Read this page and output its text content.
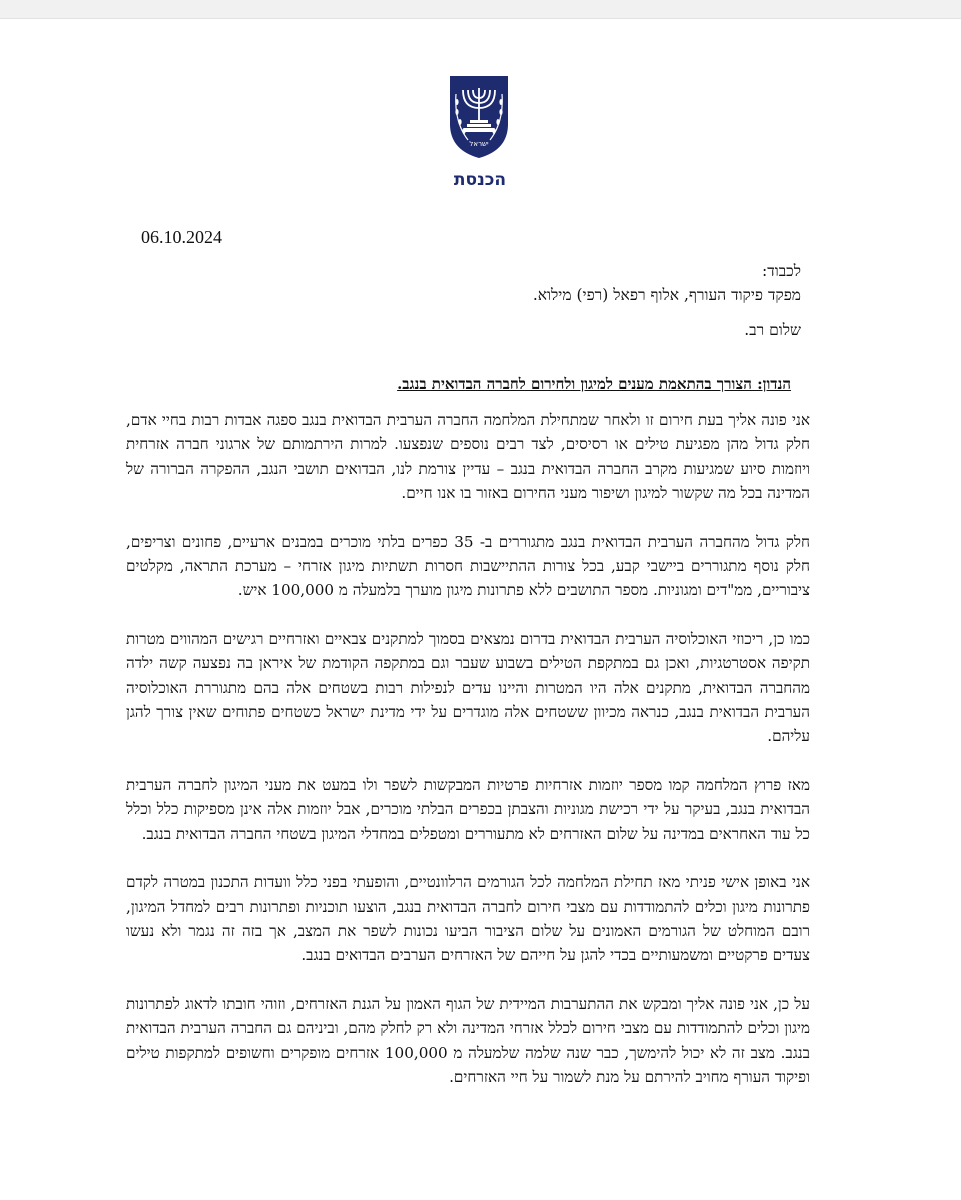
ישראל
הכנסת
06.10.2024
לכבוד:
מפקד פיקוד העורף, אלוף רפאל (רפי) מילוא.
שלום רב.
הנדון: הצורך בהתאמת מענים למיגון ולחירום לחברה הבדואית בנגב.

אני פונה אליך בעת חירום זו ולאחר שמתחילת המלחמה החברה הערבית הבדואית בנגב ספגה אבדות רבות בחיי אדם, חלק גדול מהן מפגיעת טילים או רסיסים, לצד רבים נוספים שנפצעו. למרות הירתמותם של ארגוני חברה אזרחית ויוזמות סיוע שמגיעות מקרב החברה הבדואית בנגב – עדיין צורמת לנו, הבדואים תושבי הנגב, ההפקרה הברורה של המדינה בכל מה שקשור למיגון ושיפור מעני החירום באזור בו אנו חיים.

חלק גדול מהחברה הערבית הבדואית בנגב מתגוררים ב- 35 כפרים בלתי מוכרים במבנים ארעיים, פחונים וצריפים, חלק נוסף מתגוררים ביישבי קבע, בכל צורות ההתיישבות חסרות תשתיות מיגון אזרחי – מערכת התראה, מקלטים ציבוריים, ממ"דים ומגוניות. מספר התושבים ללא פתרונות מיגון מוערך בלמעלה מ 100,000 איש.

כמו כן, ריכוזי האוכלוסיה הערבית הבדואית בדרום נמצאים בסמוך למתקנים צבאיים ואזרחיים רגישים המהווים מטרות תקיפה אסטרטגיות, ואכן גם במתקפת הטילים בשבוע שעבר וגם במתקפה הקודמת של איראן בה נפצעה קשה ילדה מהחברה הבדואית, מתקנים אלה היו המטרות והיינו עדים לנפילות רבות בשטחים אלה בהם מתגוררת האוכלוסיה הערבית הבדואית בנגב, כנראה מכיוון ששטחים אלה מוגדרים על ידי מדינת ישראל כשטחים פתוחים שאין צורך להגן עליהם.

מאז פרוץ המלחמה קמו מספר יוזמות אזרחיות פרטיות המבקשות לשפר ולו במעט את מעני המיגון לחברה הערבית הבדואית בנגב, בעיקר על ידי רכישת מגוניות והצבתן בכפרים הבלתי מוכרים, אבל יוזמות אלה אינן מספיקות כלל וכלל כל עוד האחראים במדינה על שלום האזרחים לא מתעוררים ומטפלים במחדלי המיגון בשטחי החברה הבדואית בנגב.

אני באופן אישי פניתי מאז תחילת המלחמה לכל הגורמים הרלוונטיים, והופעתי בפני כלל וועדות התכנון במטרה לקדם פתרונות מיגון וכלים להתמודדות עם מצבי חירום לחברה הבדואית בנגב, הוצעו תוכניות ופתרונות רבים למחדל המיגון, רובם המוחלט של הגורמים האמונים על שלום הציבור הביעו נכונות לשפר את המצב, אך בזה זה נגמר ולא נעשו צעדים פרקטיים ומשמעותיים בכדי להגן על חייהם של האזרחים הערבים הבדואים בנגב.

על כן, אני פונה אליך ומבקש את ההתערבות המיידית של הגוף האמון על הגנת האזרחים, וזוהי חובתו לדאוג לפתרונות מיגון וכלים להתמודדות עם מצבי חירום לכלל אזרחי המדינה ולא רק לחלק מהם, וביניהם גם החברה הערבית הבדואית בנגב. מצב זה לא יכול להימשך, כבר שנה שלמה שלמעלה מ 100,000 אזרחים מופקרים וחשופים למתקפות טילים ופיקוד העורף מחויב להירתם על מנת לשמור על חיי האזרחים.
